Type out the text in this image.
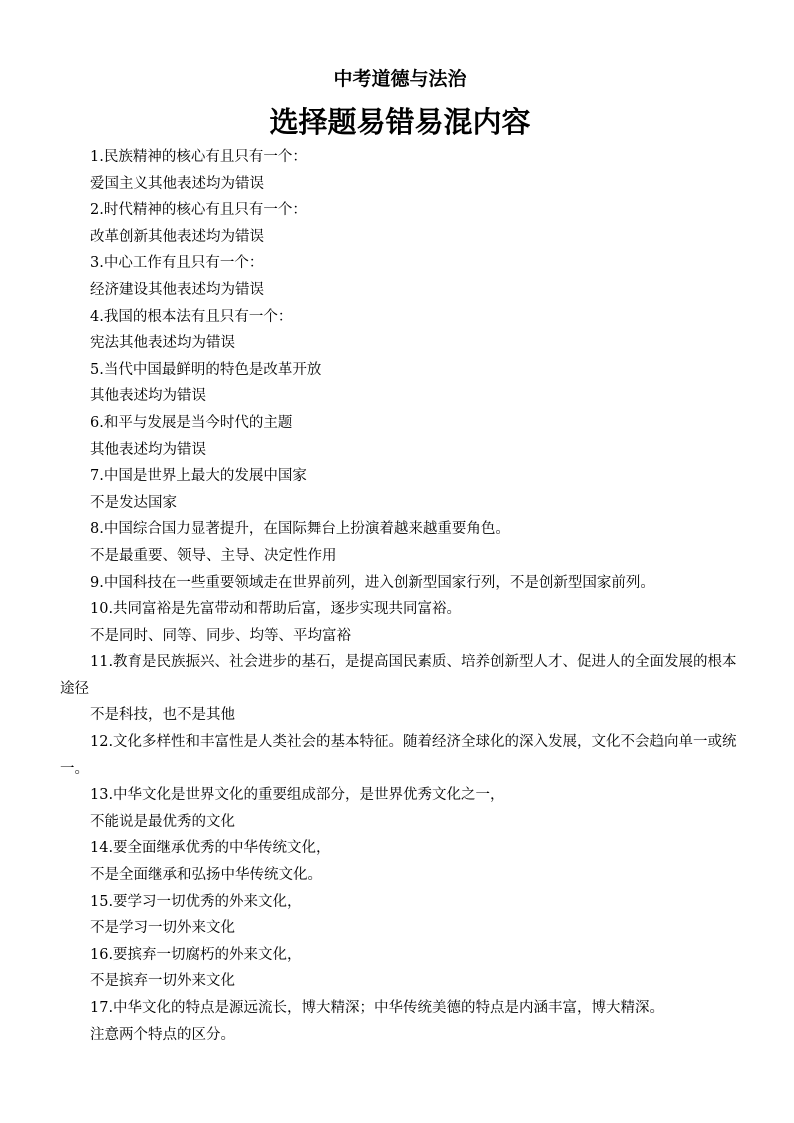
中考道德与法治
选择题易错易混内容
1.民族精神的核心有且只有一个：
爱国主义其他表述均为错误
2.时代精神的核心有且只有一个：
改革创新其他表述均为错误
3.中心工作有且只有一个：
经济建设其他表述均为错误
4.我国的根本法有且只有一个：
宪法其他表述均为错误
5.当代中国最鲜明的特色是改革开放
其他表述均为错误
6.和平与发展是当今时代的主题
其他表述均为错误
7.中国是世界上最大的发展中国家
不是发达国家
8.中国综合国力显著提升，在国际舞台上扮演着越来越重要角色。
不是最重要、领导、主导、决定性作用
9.中国科技在一些重要领域走在世界前列，进入创新型国家行列，不是创新型国家前列。
10.共同富裕是先富带动和帮助后富，逐步实现共同富裕。
不是同时、同等、同步、均等、平均富裕
11.教育是民族振兴、社会进步的基石，是提高国民素质、培养创新型人才、促进人的全面发展的根本途径
不是科技，也不是其他
12.文化多样性和丰富性是人类社会的基本特征。随着经济全球化的深入发展，文化不会趋向单一或统一。
13.中华文化是世界文化的重要组成部分，是世界优秀文化之一，
不能说是最优秀的文化
14.要全面继承优秀的中华传统文化，
不是全面继承和弘扬中华传统文化。
15.要学习一切优秀的外来文化，
不是学习一切外来文化
16.要摈弃一切腐朽的外来文化，
不是摈弃一切外来文化
17.中华文化的特点是源远流长，博大精深；中华传统美德的特点是内涵丰富，博大精深。
注意两个特点的区分。
